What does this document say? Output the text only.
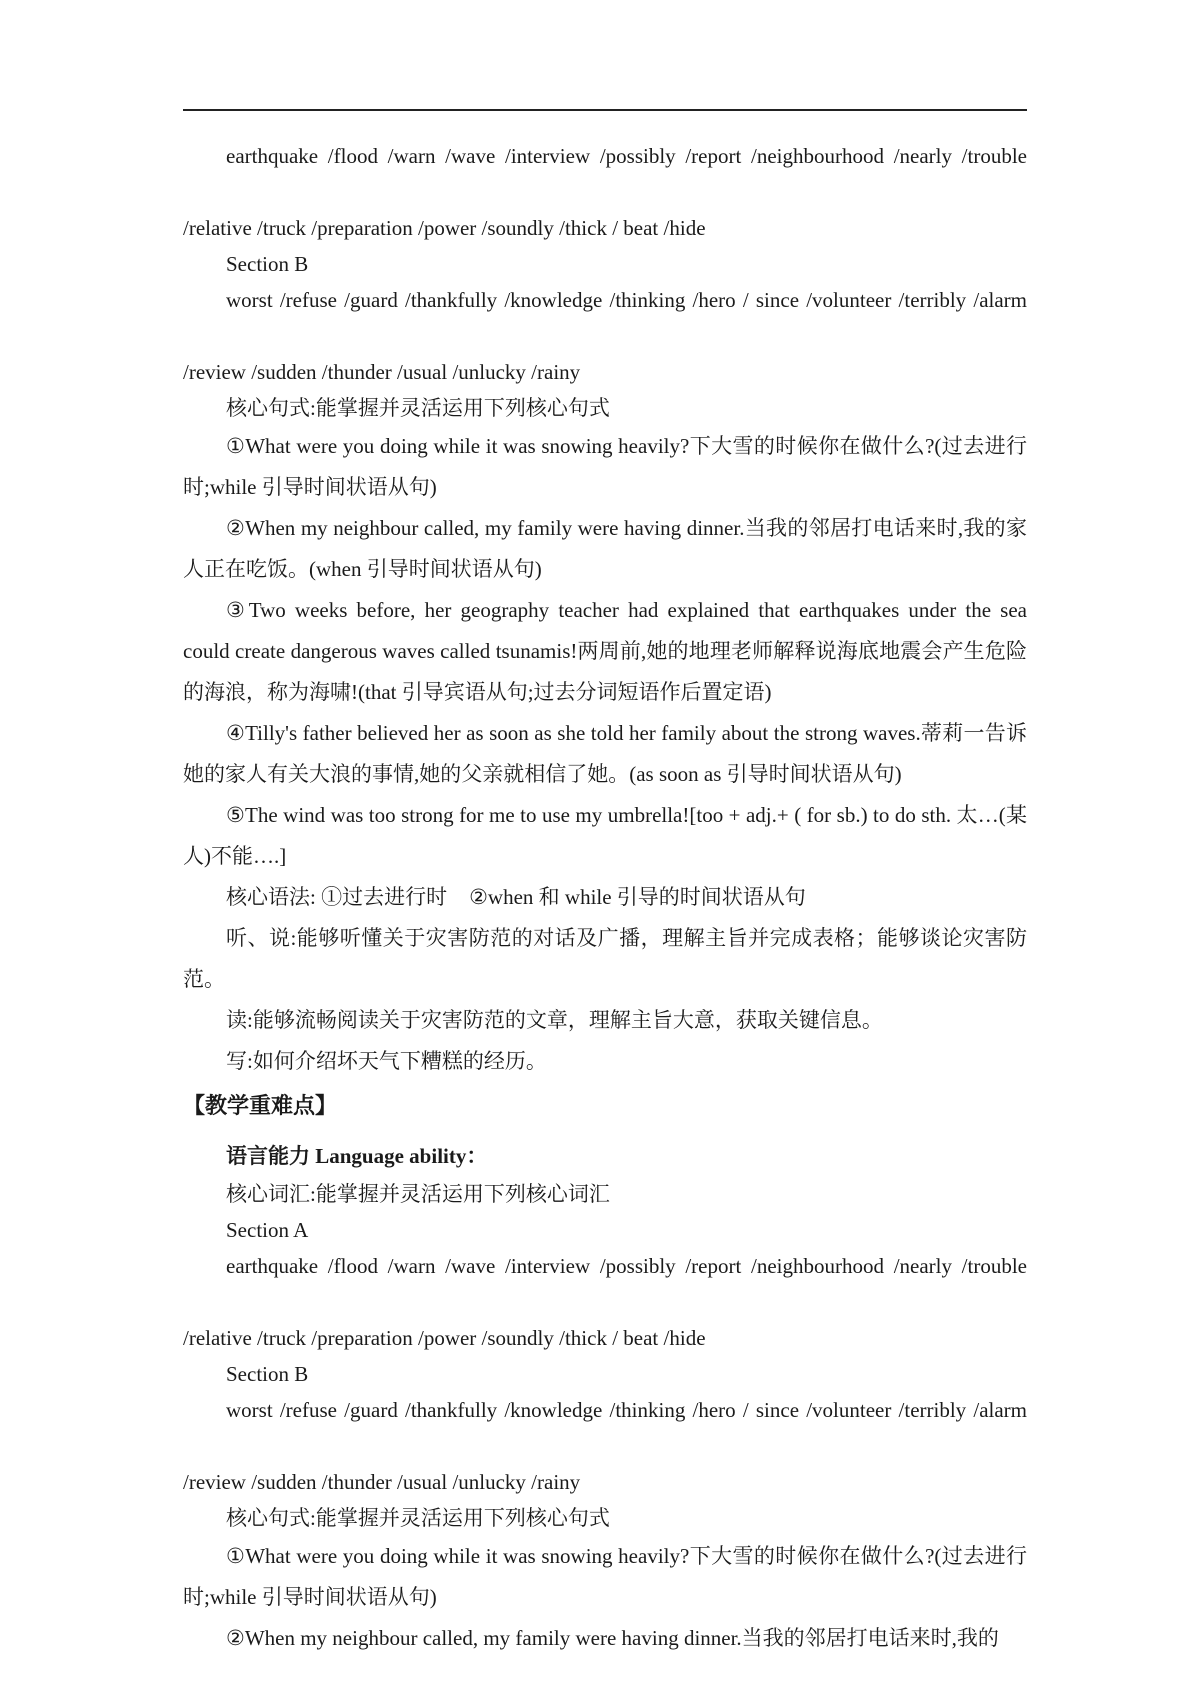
earthquake /flood /warn /wave /interview /possibly /report /neighbourhood /nearly /trouble

/relative /truck /preparation /power /soundly /thick / beat /hide

Section B

worst /refuse /guard /thankfully /knowledge /thinking /hero / since /volunteer /terribly /alarm

/review /sudden /thunder /usual /unlucky /rainy

核心句式:能掌握并灵活运用下列核心句式

①What were you doing while it was snowing heavily?下大雪的时候你在做什么?(过去进行时;while 引导时间状语从句)

②When my neighbour called, my family were having dinner.当我的邻居打电话来时,我的家人正在吃饭。(when 引导时间状语从句)

③Two weeks before, her geography teacher had explained that earthquakes under the sea could create dangerous waves called tsunamis!两周前,她的地理老师解释说海底地震会产生危险的海浪，称为海啸!(that 引导宾语从句;过去分词短语作后置定语)

④Tilly's father believed her as soon as she told her family about the strong waves.蒂莉一告诉她的家人有关大浪的事情,她的父亲就相信了她。(as soon as 引导时间状语从句)

⑤The wind was too strong for me to use my umbrella![too + adj.+ ( for sb.) to do sth. 太…(某人)不能….]

核心语法: ①过去进行时 ②when 和 while 引导的时间状语从句

听、说:能够听懂关于灾害防范的对话及广播，理解主旨并完成表格；能够谈论灾害防范。

读:能够流畅阅读关于灾害防范的文章，理解主旨大意，获取关键信息。

写:如何介绍坏天气下糟糕的经历。

【教学重难点】

语言能力 Language ability：

核心词汇:能掌握并灵活运用下列核心词汇

Section A

earthquake /flood /warn /wave /interview /possibly /report /neighbourhood /nearly /trouble

/relative /truck /preparation /power /soundly /thick / beat /hide

Section B

worst /refuse /guard /thankfully /knowledge /thinking /hero / since /volunteer /terribly /alarm

/review /sudden /thunder /usual /unlucky /rainy

核心句式:能掌握并灵活运用下列核心句式

①What were you doing while it was snowing heavily?下大雪的时候你在做什么?(过去进行时;while 引导时间状语从句)

②When my neighbour called, my family were having dinner.当我的邻居打电话来时,我的
